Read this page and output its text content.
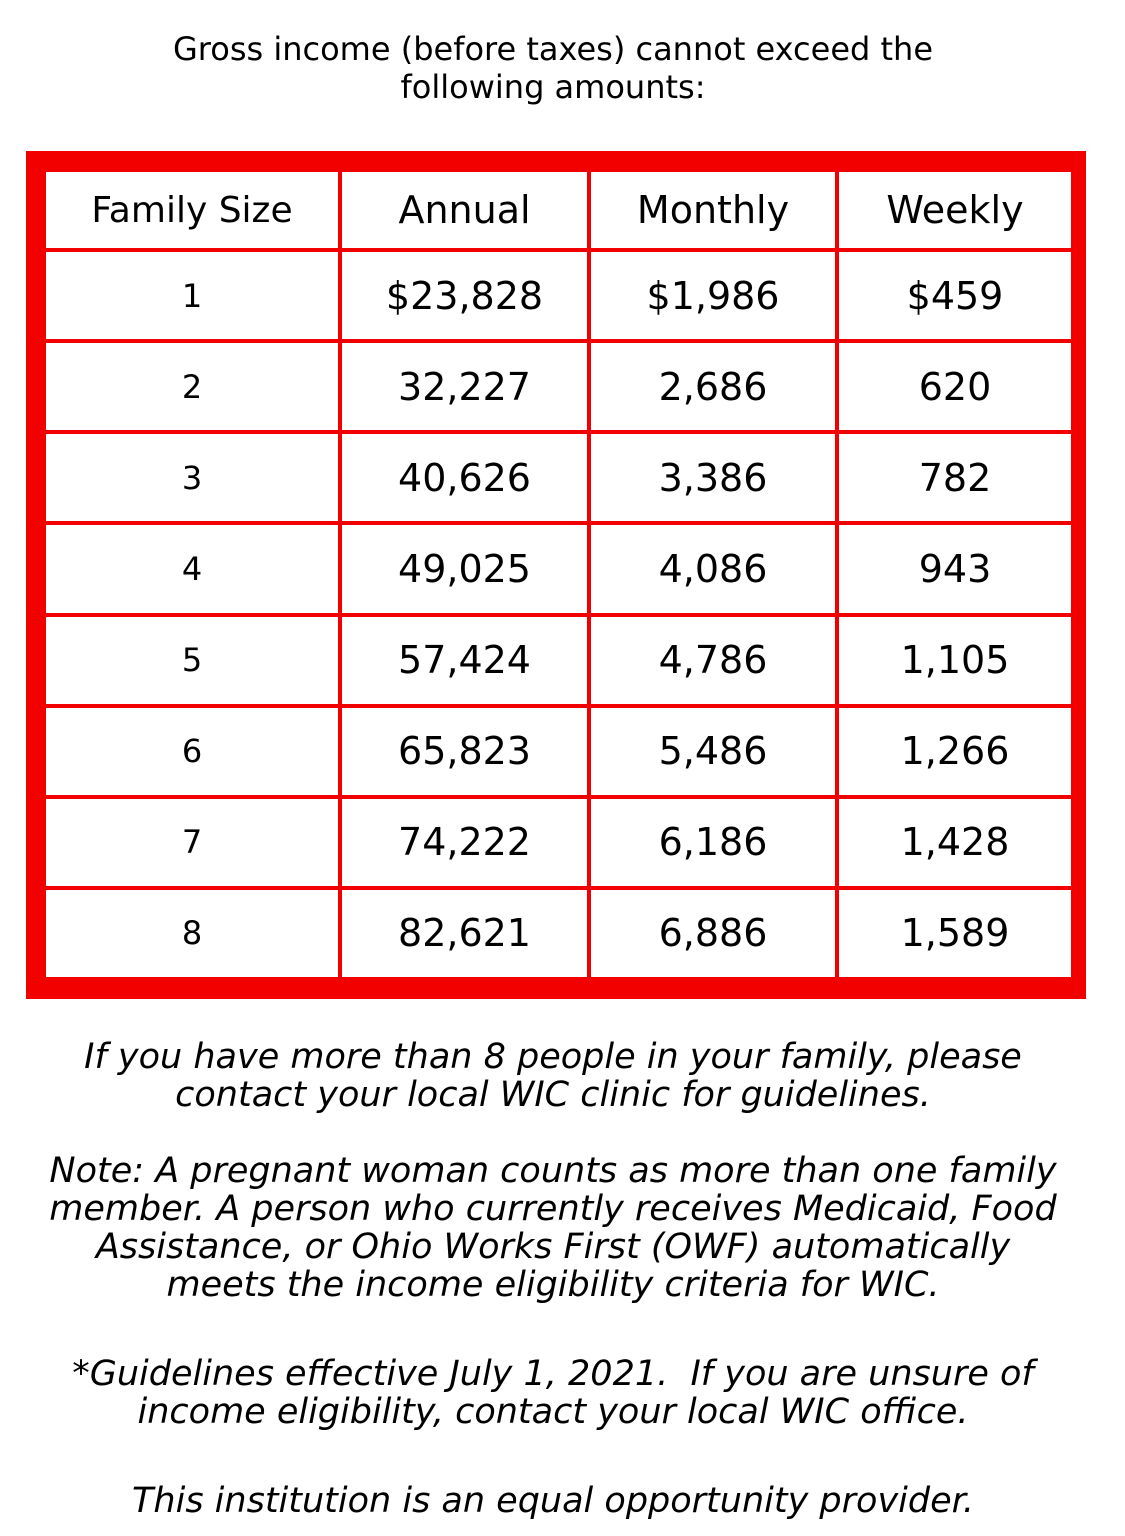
Gross income (before taxes) cannot exceed the
following amounts:
Family Size	Annual	Monthly	Weekly
1	$23,828	$1,986	$459
2	32,227	2,686	620
3	40,626	3,386	782
4	49,025	4,086	943
5	57,424	4,786	1,105
6	65,823	5,486	1,266
7	74,222	6,186	1,428
8	82,621	6,886	1,589
If you have more than 8 people in your family, please
contact your local WIC clinic for guidelines.
Note: A pregnant woman counts as more than one family
member. A person who currently receives Medicaid, Food
Assistance, or Ohio Works First (OWF) automatically
meets the income eligibility criteria for WIC.
*Guidelines effective July 1, 2021.  If you are unsure of
income eligibility, contact your local WIC office.
This institution is an equal opportunity provider.
